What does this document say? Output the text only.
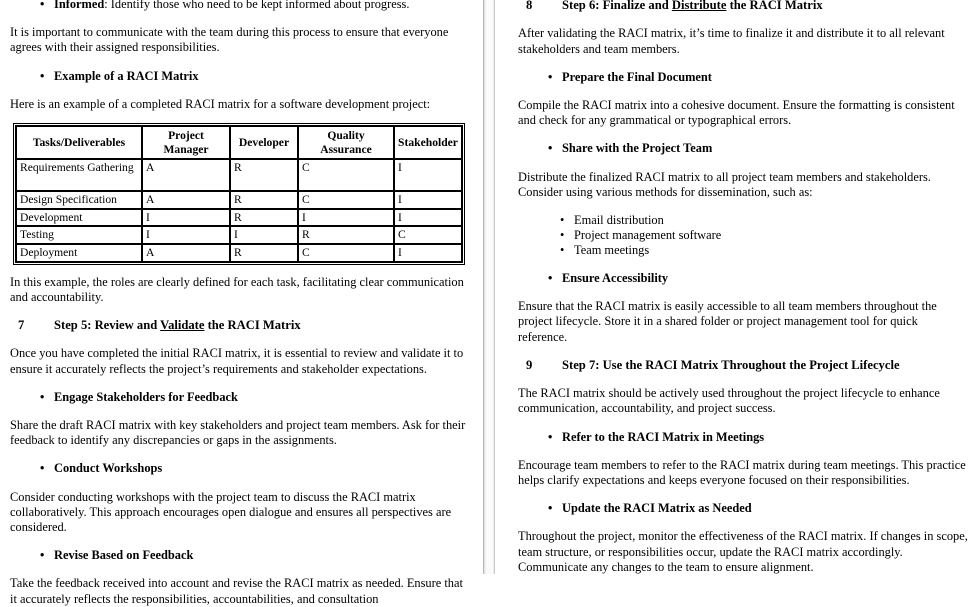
• Informed: Identify those who need to be kept informed about progress.

It is important to communicate with the team during this process to ensure that everyone agrees with their assigned responsibilities.

• Example of a RACI Matrix

Here is an example of a completed RACI matrix for a software development project:

Tasks/Deliverables	Project Manager	Developer	Quality Assurance	Stakeholder
Requirements Gathering	A	R	C	I
Design Specification	A	R	C	I
Development	I	R	I	I
Testing	I	I	R	C
Deployment	A	R	C	I

In this example, the roles are clearly defined for each task, facilitating clear communication and accountability.

7 Step 5: Review and Validate the RACI Matrix

Once you have completed the initial RACI matrix, it is essential to review and validate it to ensure it accurately reflects the project’s requirements and stakeholder expectations.

• Engage Stakeholders for Feedback

Share the draft RACI matrix with key stakeholders and project team members. Ask for their feedback to identify any discrepancies or gaps in the assignments.

• Conduct Workshops

Consider conducting workshops with the project team to discuss the RACI matrix collaboratively. This approach encourages open dialogue and ensures all perspectives are considered.

• Revise Based on Feedback

Take the feedback received into account and revise the RACI matrix as needed. Ensure that it accurately reflects the responsibilities, accountabilities, and consultation

8 Step 6: Finalize and Distribute the RACI Matrix

After validating the RACI matrix, it’s time to finalize it and distribute it to all relevant stakeholders and team members.

• Prepare the Final Document

Compile the RACI matrix into a cohesive document. Ensure the formatting is consistent and check for any grammatical or typographical errors.

• Share with the Project Team

Distribute the finalized RACI matrix to all project team members and stakeholders. Consider using various methods for dissemination, such as:

• Email distribution
• Project management software
• Team meetings
• Ensure Accessibility

Ensure that the RACI matrix is easily accessible to all team members throughout the project lifecycle. Store it in a shared folder or project management tool for quick reference.

9 Step 7: Use the RACI Matrix Throughout the Project Lifecycle

The RACI matrix should be actively used throughout the project lifecycle to enhance communication, accountability, and project success.

• Refer to the RACI Matrix in Meetings

Encourage team members to refer to the RACI matrix during team meetings. This practice helps clarify expectations and keeps everyone focused on their responsibilities.

• Update the RACI Matrix as Needed

Throughout the project, monitor the effectiveness of the RACI matrix. If changes in scope, team structure, or responsibilities occur, update the RACI matrix accordingly. Communicate any changes to the team to ensure alignment.
